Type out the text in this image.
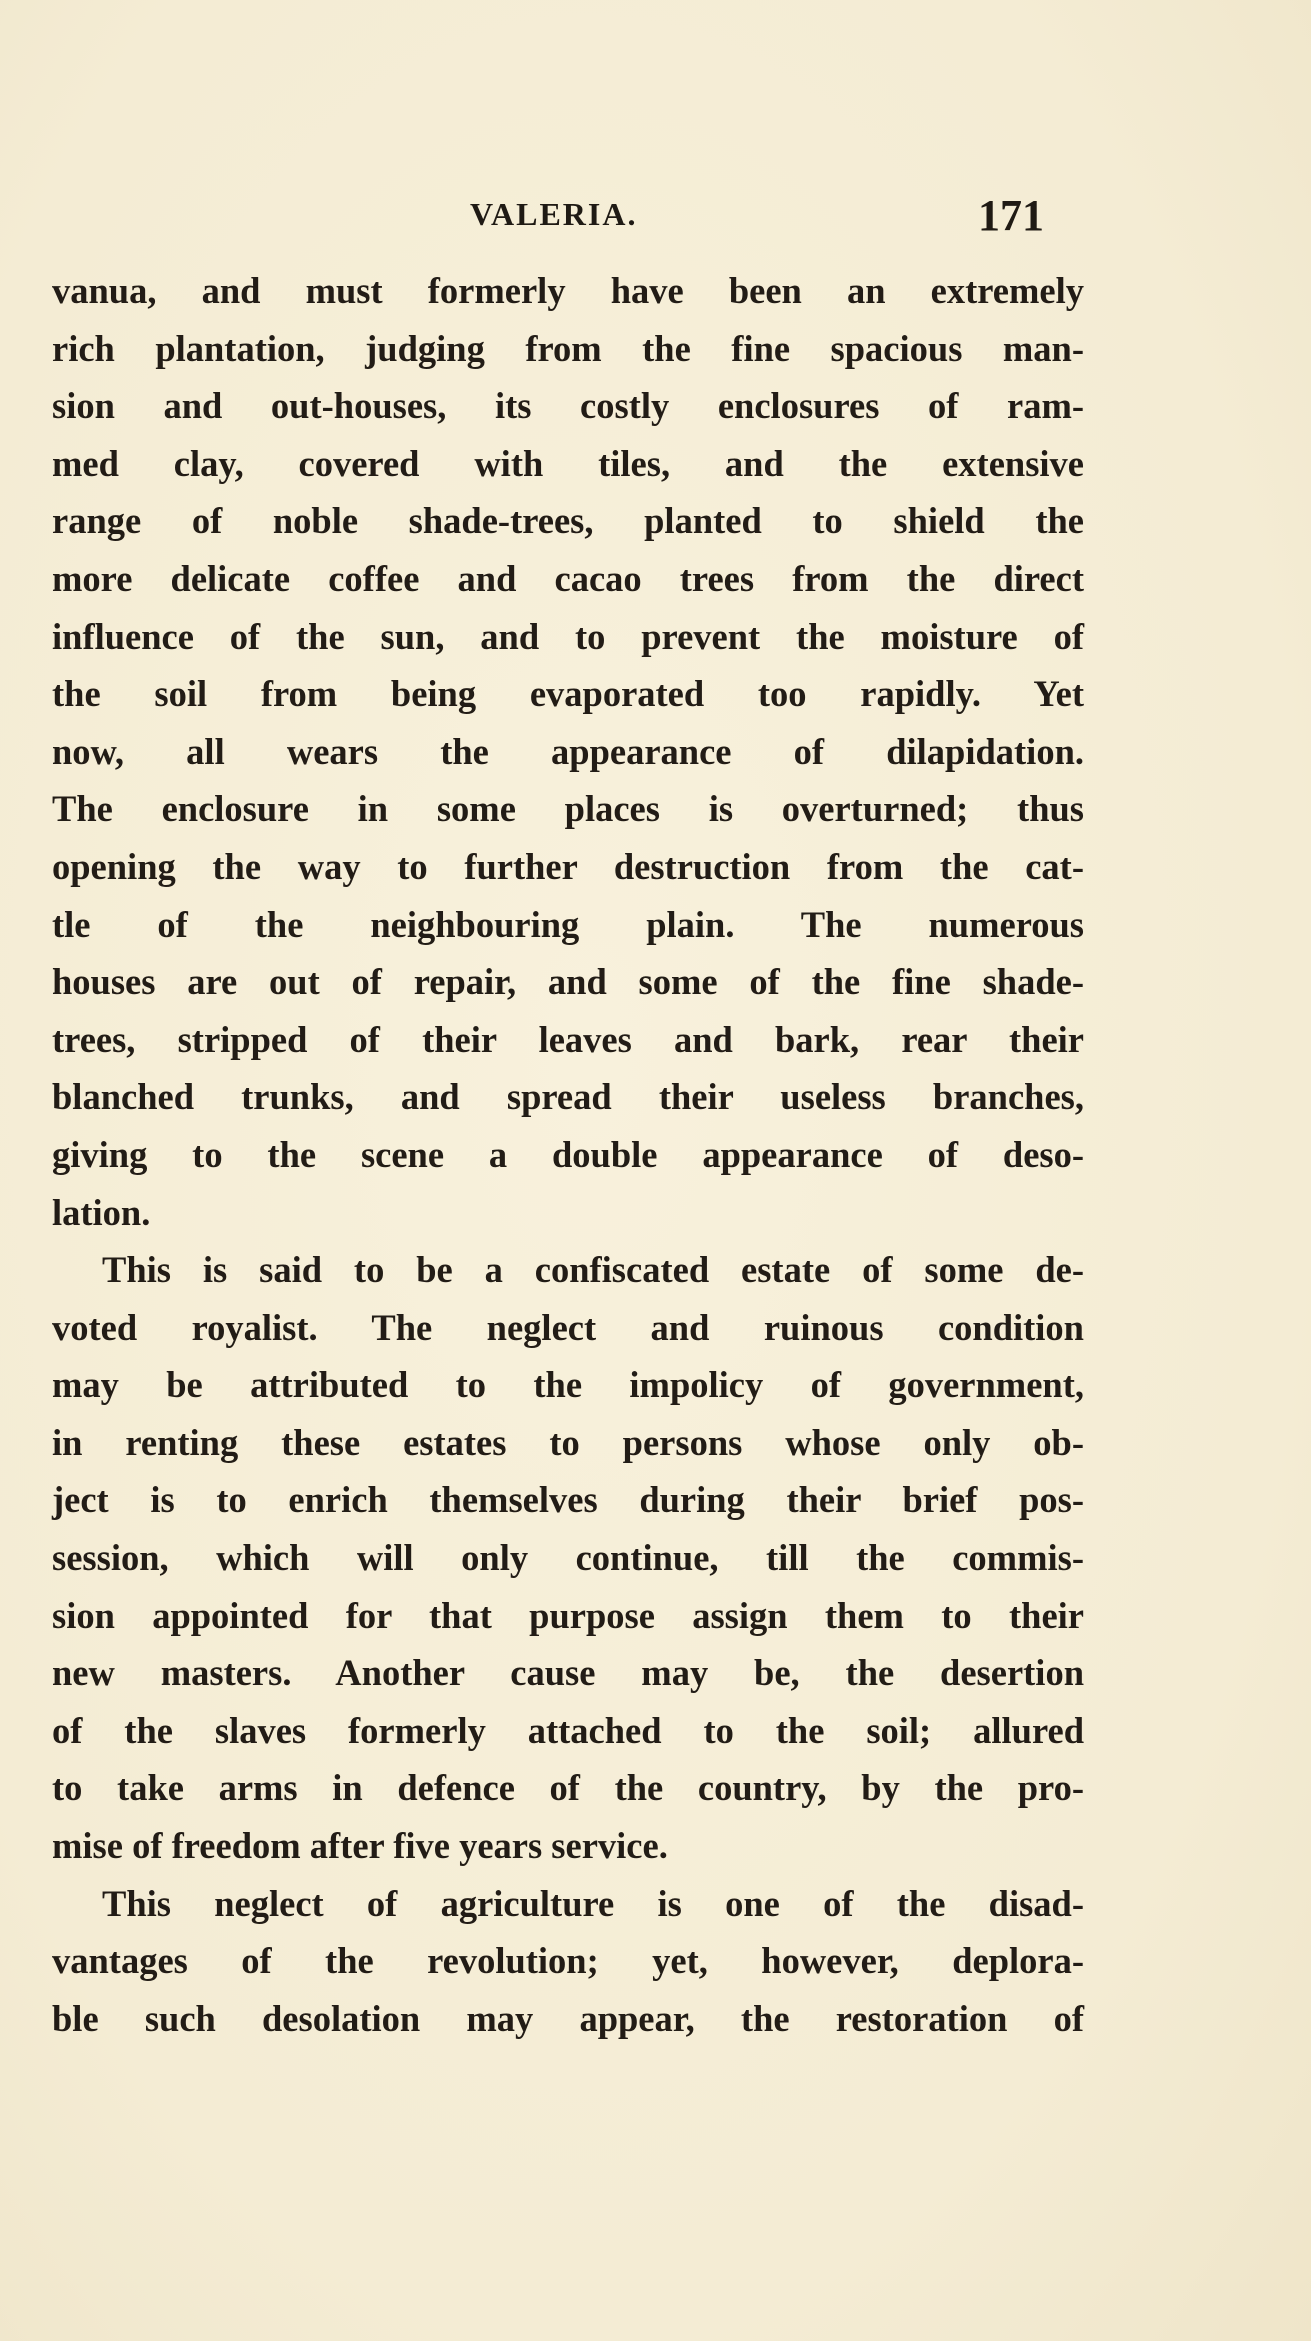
VALERIA.	171
vanua, and must formerly have been an extremely
rich plantation, judging from the fine spacious man-
sion and out-houses, its costly enclosures of ram-
med clay, covered with tiles, and the extensive
range of noble shade-trees, planted to shield the
more delicate coffee and cacao trees from the direct
influence of the sun, and to prevent the moisture of
the soil from being evaporated too rapidly. Yet
now, all wears the appearance of dilapidation.
The enclosure in some places is overturned; thus
opening the way to further destruction from the cat-
tle of the neighbouring plain. The numerous
houses are out of repair, and some of the fine shade-
trees, stripped of their leaves and bark, rear their
blanched trunks, and spread their useless branches,
giving to the scene a double appearance of deso-
lation.
This is said to be a confiscated estate of some de-
voted royalist. The neglect and ruinous condition
may be attributed to the impolicy of government,
in renting these estates to persons whose only ob-
ject is to enrich themselves during their brief pos-
session, which will only continue, till the commis-
sion appointed for that purpose assign them to their
new masters. Another cause may be, the desertion
of the slaves formerly attached to the soil; allured
to take arms in defence of the country, by the pro-
mise of freedom after five years service.
This neglect of agriculture is one of the disad-
vantages of the revolution; yet, however, deplora-
ble such desolation may appear, the restoration of
